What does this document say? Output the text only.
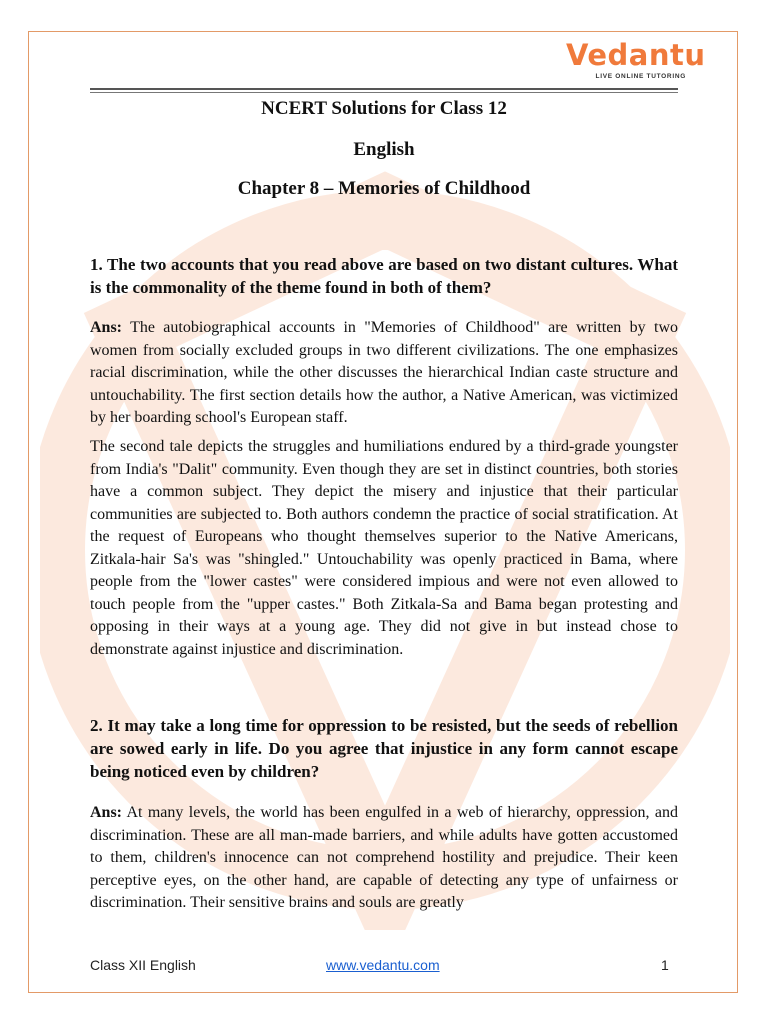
Vedantu
LIVE ONLINE TUTORING
NCERT Solutions for Class 12
English
Chapter 8 – Memories of Childhood
1. The two accounts that you read above are based on two distant cultures. What is the commonality of the theme found in both of them?
Ans: The autobiographical accounts in "Memories of Childhood" are written by two women from socially excluded groups in two different civilizations. The one emphasizes racial discrimination, while the other discusses the hierarchical Indian caste structure and untouchability. The first section details how the author, a Native American, was victimized by her boarding school's European staff.
The second tale depicts the struggles and humiliations endured by a third-grade youngster from India's "Dalit" community. Even though they are set in distinct countries, both stories have a common subject. They depict the misery and injustice that their particular communities are subjected to. Both authors condemn the practice of social stratification. At the request of Europeans who thought themselves superior to the Native Americans, Zitkala-hair Sa's was "shingled." Untouchability was openly practiced in Bama, where people from the "lower castes" were considered impious and were not even allowed to touch people from the "upper castes." Both Zitkala-Sa and Bama began protesting and opposing in their ways at a young age. They did not give in but instead chose to demonstrate against injustice and discrimination.
2. It may take a long time for oppression to be resisted, but the seeds of rebellion are sowed early in life. Do you agree that injustice in any form cannot escape being noticed even by children?
Ans: At many levels, the world has been engulfed in a web of hierarchy, oppression, and discrimination. These are all man-made barriers, and while adults have gotten accustomed to them, children's innocence can not comprehend hostility and prejudice. Their keen perceptive eyes, on the other hand, are capable of detecting any type of unfairness or discrimination. Their sensitive brains and souls are greatly
Class XII English	www.vedantu.com	1
